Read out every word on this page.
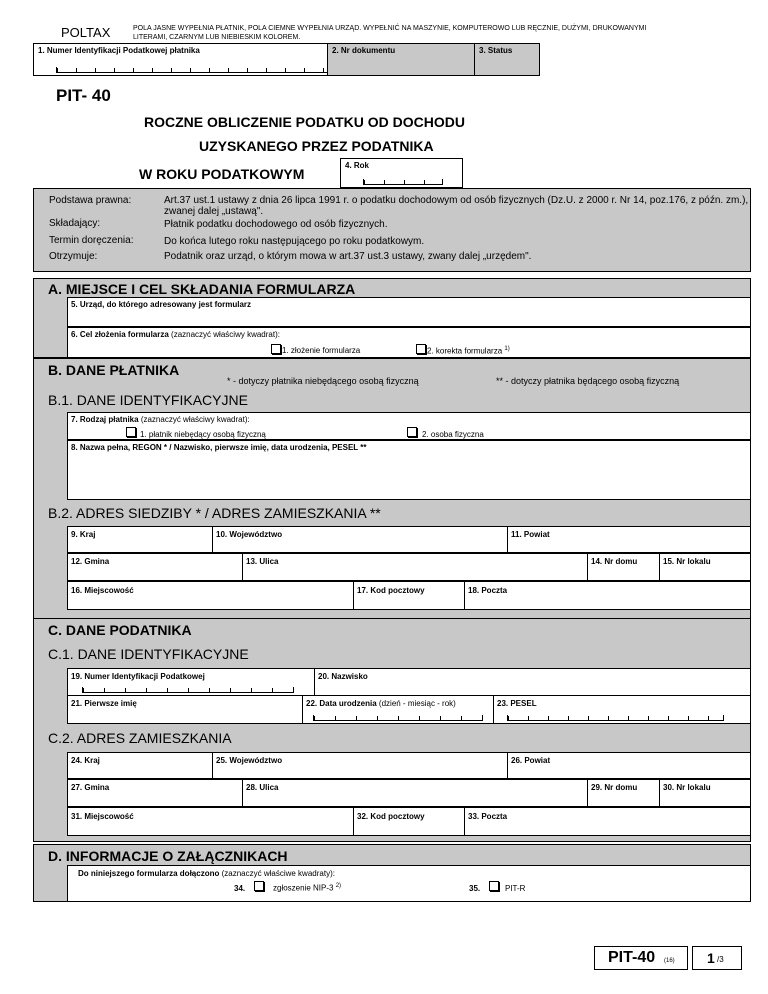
POLTAX	POLA JASNE WYPEŁNIA PŁATNIK, POLA CIEMNE WYPEŁNIA URZĄD. WYPEŁNIĆ NA MASZYNIE, KOMPUTEROWO LUB RĘCZNIE, DUŻYMI, DRUKOWANYMI
LITERAMI, CZARNYM LUB NIEBIESKIM KOLOREM.
1. Numer Identyfikacji Podatkowej płatnika	2. Nr dokumentu	3. Status
PIT- 40
ROCZNE OBLICZENIE PODATKU OD DOCHODU
UZYSKANEGO PRZEZ PODATNIKA
W ROKU PODATKOWYM
4. Rok
Podstawa prawna:	Art.37 ust.1 ustawy z dnia 26 lipca 1991 r. o podatku dochodowym od osób fizycznych (Dz.U. z 2000 r. Nr 14, poz.176, z późn. zm.),
zwanej dalej „ustawą".
Składający:	Płatnik podatku dochodowego od osób fizycznych.
Termin doręczenia:	Do końca lutego roku następującego po roku podatkowym.
Otrzymuje:	Podatnik oraz urząd, o którym mowa w art.37 ust.3 ustawy, zwany dalej „urzędem".
A. MIEJSCE I CEL SKŁADANIA FORMULARZA
5. Urząd, do którego adresowany jest formularz
6. Cel złożenia formularza (zaznaczyć właściwy kwadrat):
1. złożenie formularza	2. korekta formularza $^{1)}$
B. DANE PŁATNIKA
* - dotyczy płatnika niebędącego osobą fizyczną	** - dotyczy płatnika będącego osobą fizyczną
B.1. DANE IDENTYFIKACYJNE
B.2. ADRES SIEDZIBY * / ADRES ZAMIESZKANIA **
7. Rodzaj płatnika (zaznaczyć właściwy kwadrat):
1. płatnik niebędący osobą fizyczną	2. osoba fizyczna
8. Nazwa pełna, REGON * / Nazwisko, pierwsze imię, data urodzenia, PESEL **
9. Kraj	10. Województwo	11. Powiat
12. Gmina	13. Ulica	14. Nr domu	15. Nr lokalu
16. Miejscowość	17. Kod pocztowy	18. Poczta
C. DANE PODATNIKA
C.1. DANE IDENTYFIKACYJNE
C.2. ADRES ZAMIESZKANIA
19. Numer Identyfikacji Podatkowej	20. Nazwisko
21. Pierwsze imię	22. Data urodzenia (dzień - miesiąc - rok)	23. PESEL
24. Kraj	25. Województwo	26. Powiat
27. Gmina	28. Ulica	29. Nr domu	30. Nr lokalu
31. Miejscowość	32. Kod pocztowy	33. Poczta
D. INFORMACJE O ZAŁĄCZNIKACH
Do niniejszego formularza dołączono (zaznaczyć właściwe kwadraty):
34.	zgłoszenie NIP-3 $^{2)}$	35.	PIT-R
PIT-40 (16) 1 /3
